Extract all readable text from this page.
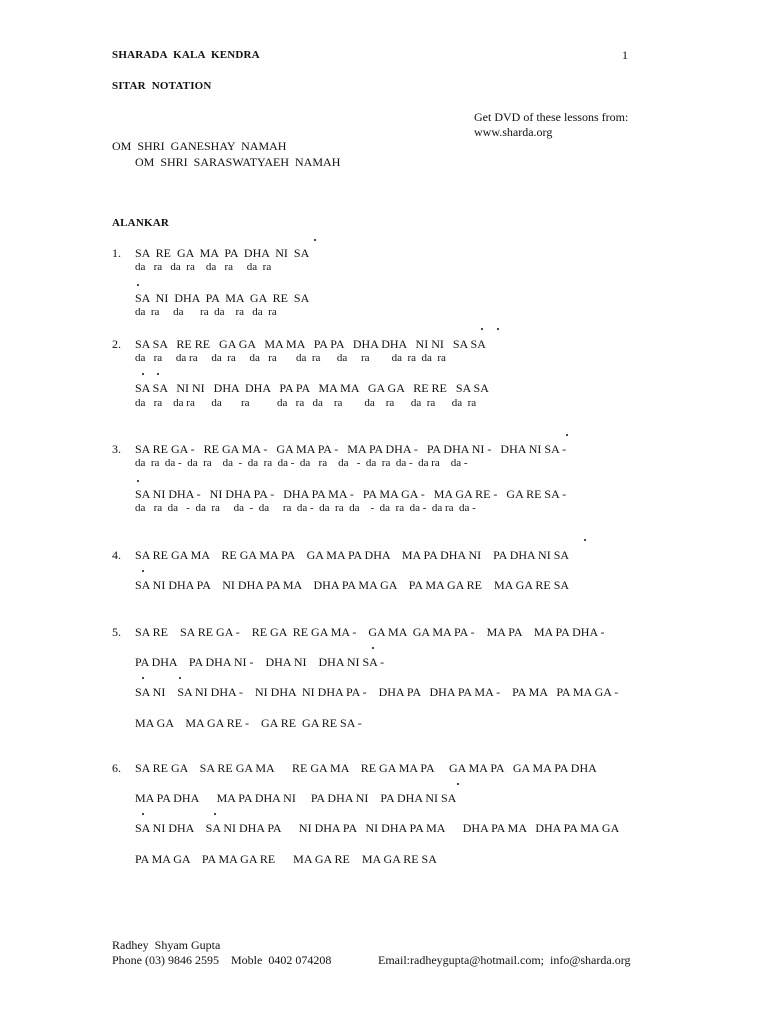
SHARADA  KALA  KENDRA	1
SITAR  NOTATION
Get DVD of these lessons from:
www.sharda.org
OM  SHRI  GANESHAY  NAMAH
OM  SHRI  SARASWATYAEH  NAMAH
ALANKAR
1. SA  RE  GA  MA  PA  DHA  NI  SA
da   ra   da  ra    da   ra     da  ra
SA  NI  DHA  PA  MA  GA  RE  SA
da  ra     da      ra  da    ra   da  ra
2. SA SA   RE RE   GA GA   MA MA   PA PA   DHA DHA   NI NI   SA SA
da   ra     da ra     da  ra     da   ra       da  ra      da     ra        da  ra  da  ra
SA SA   NI NI   DHA  DHA   PA PA   MA MA   GA GA   RE RE   SA SA
da   ra    da ra      da       ra          da   ra   da    ra        da    ra      da  ra      da  ra
3. SA RE GA -   RE GA MA -   GA MA PA -   MA PA DHA -   PA DHA NI -   DHA NI SA -
da  ra  da -  da  ra    da  -  da  ra  da -  da   ra    da   -  da  ra  da -  da ra    da -
SA NI DHA -   NI DHA PA -   DHA PA MA -   PA MA GA -   MA GA RE -   GA RE SA -
da   ra  da   -  da  ra     da  -  da     ra  da -  da  ra  da    -  da  ra  da -  da ra  da -
4. SA RE GA MA    RE GA MA PA    GA MA PA DHA    MA PA DHA NI    PA DHA NI SA
SA NI DHA PA    NI DHA PA MA    DHA PA MA GA    PA MA GA RE    MA GA RE SA
5. SA RE    SA RE GA -    RE GA  RE GA MA -    GA MA  GA MA PA -    MA PA    MA PA DHA -
PA DHA    PA DHA NI -    DHA NI    DHA NI SA -
SA NI    SA NI DHA -    NI DHA  NI DHA PA -    DHA PA   DHA PA MA -    PA MA   PA MA GA -
MA GA    MA GA RE -    GA RE  GA RE SA -
6. SA RE GA    SA RE GA MA      RE GA MA    RE GA MA PA     GA MA PA   GA MA PA DHA
MA PA DHA      MA PA DHA NI     PA DHA NI    PA DHA NI SA
SA NI DHA    SA NI DHA PA      NI DHA PA   NI DHA PA MA      DHA PA MA   DHA PA MA GA
PA MA GA    PA MA GA RE      MA GA RE    MA GA RE SA
Radhey  Shyam Gupta
Phone (03) 9846 2595    Moble  0402 074208	Email:radheygupta@hotmail.com;  info@sharda.org
